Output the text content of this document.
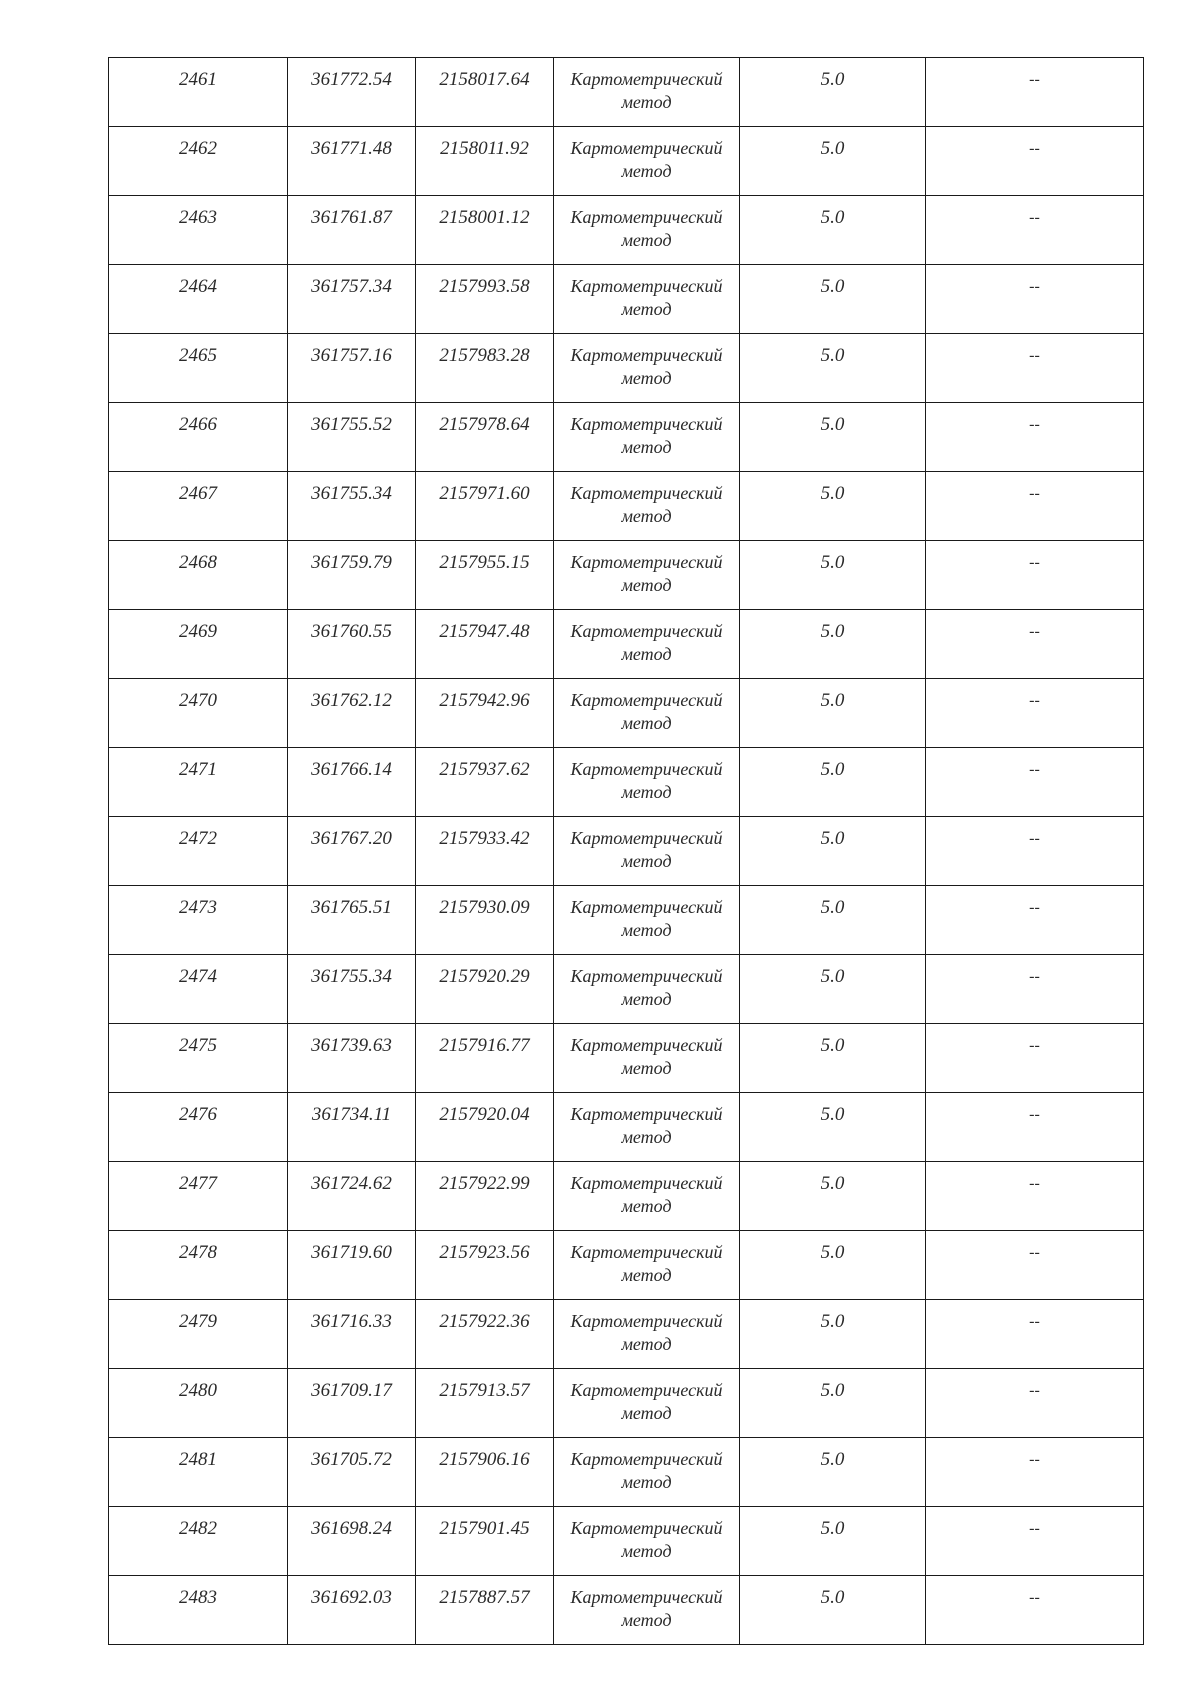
2461	361772.54	2158017.64	Картометрический метод	5.0	--

2462	361771.48	2158011.92	Картометрический метод	5.0	--

2463	361761.87	2158001.12	Картометрический метод	5.0	--

2464	361757.34	2157993.58	Картометрический метод	5.0	--

2465	361757.16	2157983.28	Картометрический метод	5.0	--

2466	361755.52	2157978.64	Картометрический метод	5.0	--

2467	361755.34	2157971.60	Картометрический метод	5.0	--

2468	361759.79	2157955.15	Картометрический метод	5.0	--

2469	361760.55	2157947.48	Картометрический метод	5.0	--

2470	361762.12	2157942.96	Картометрический метод	5.0	--

2471	361766.14	2157937.62	Картометрический метод	5.0	--

2472	361767.20	2157933.42	Картометрический метод	5.0	--

2473	361765.51	2157930.09	Картометрический метод	5.0	--

2474	361755.34	2157920.29	Картометрический метод	5.0	--

2475	361739.63	2157916.77	Картометрический метод	5.0	--

2476	361734.11	2157920.04	Картометрический метод	5.0	--

2477	361724.62	2157922.99	Картометрический метод	5.0	--

2478	361719.60	2157923.56	Картометрический метод	5.0	--

2479	361716.33	2157922.36	Картометрический метод	5.0	--

2480	361709.17	2157913.57	Картометрический метод	5.0	--

2481	361705.72	2157906.16	Картометрический метод	5.0	--

2482	361698.24	2157901.45	Картометрический метод	5.0	--

2483	361692.03	2157887.57	Картометрический метод	5.0	--
